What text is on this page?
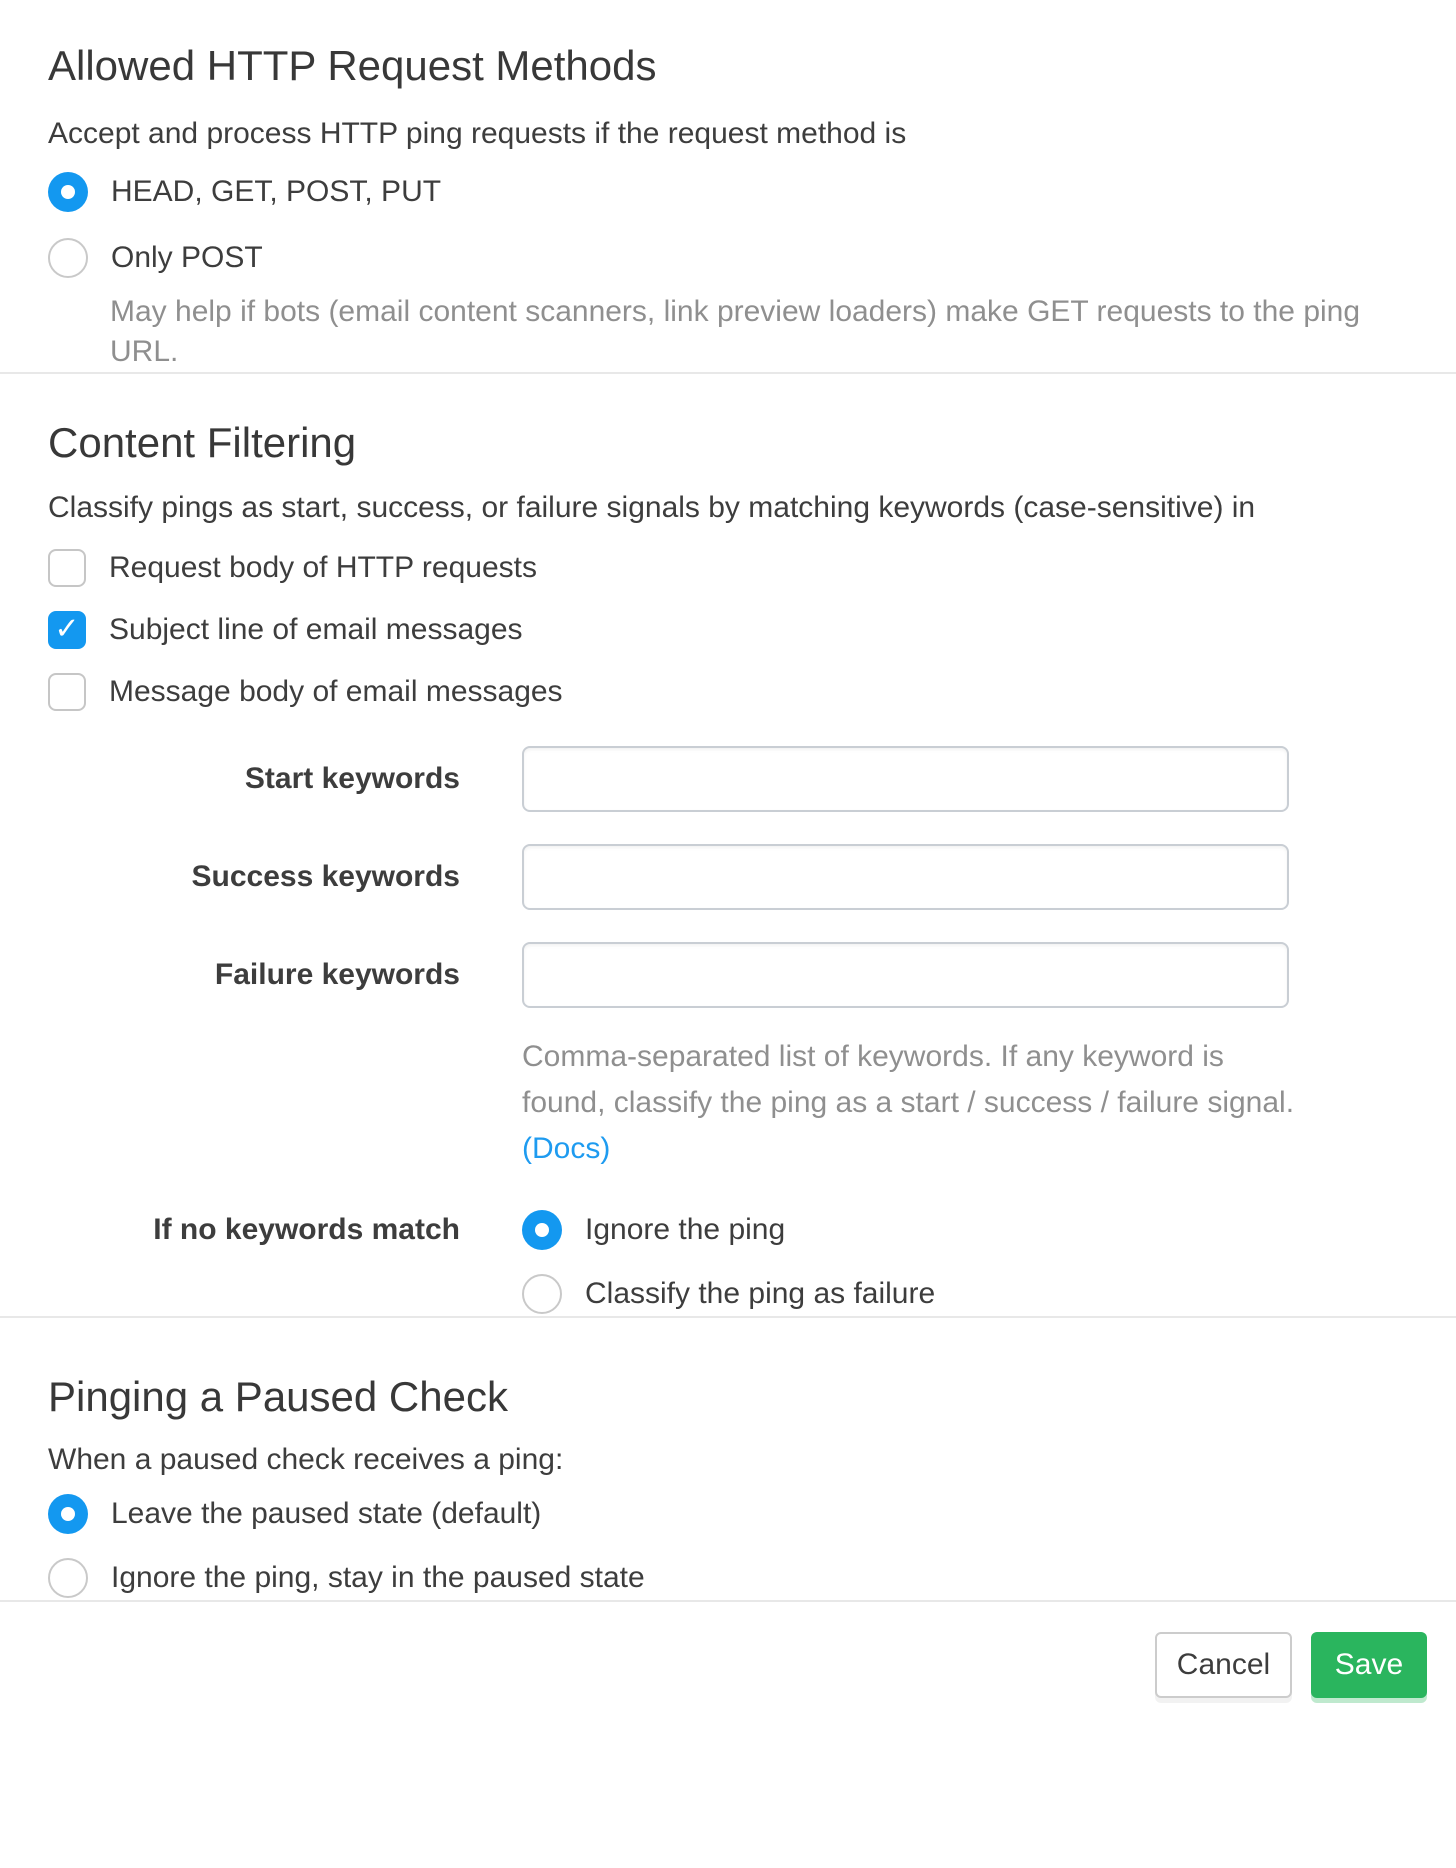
Allowed HTTP Request Methods

Accept and process HTTP ping requests if the request method is

HEAD, GET, POST, PUT
Only POST

May help if bots (email content scanners, link preview loaders) make GET requests to the ping URL.

Content Filtering

Classify pings as start, success, or failure signals by matching keywords (case-sensitive) in

Request body of HTTP requests
✓
Subject line of email messages
Message body of email messages
Start keywords
Success keywords
Failure keywords

Comma-separated list of keywords. If any keyword is found, classify the ping as a start / success / failure signal. (Docs)

If no keywords match	Ignore the ping
Classify the ping as failure
Pinging a Paused Check

When a paused check receives a ping:

Leave the paused state (default)
Ignore the ping, stay in the paused state
Cancel	Save
